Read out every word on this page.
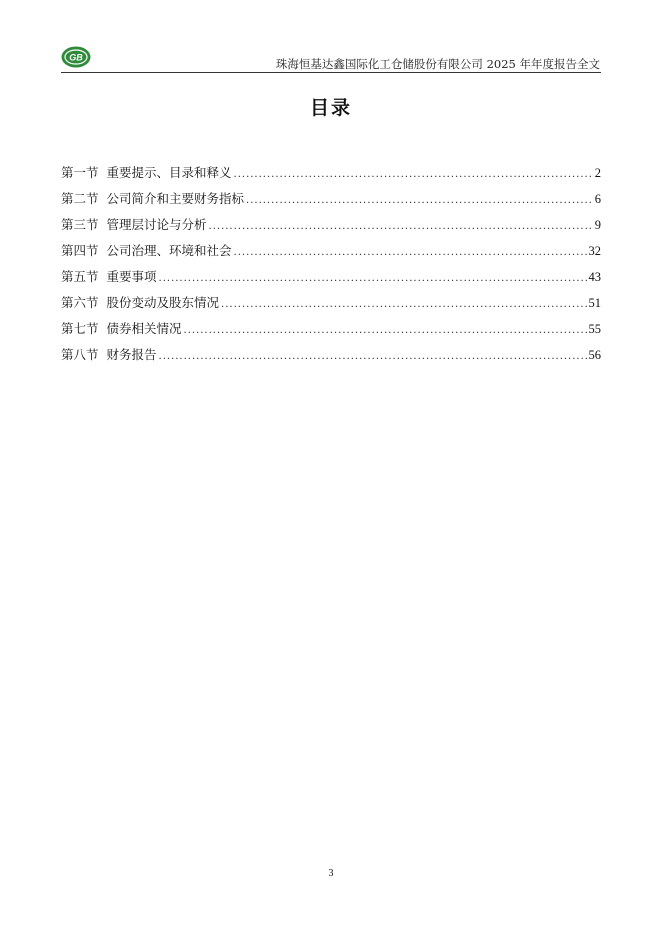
GB	珠海恒基达鑫国际化工仓储股份有限公司 2025 年年度报告全文
目录
第一节 重要提示、目录和释义 .....	2
第二节 公司简介和主要财务指标 .....	6
第三节 管理层讨论与分析 .....	9
第四节 公司治理、环境和社会 .....	32
第五节 重要事项 .....	43
第六节 股份变动及股东情况 .....	51
第七节 债券相关情况 .....	55
第八节 财务报告 .....	56
3
